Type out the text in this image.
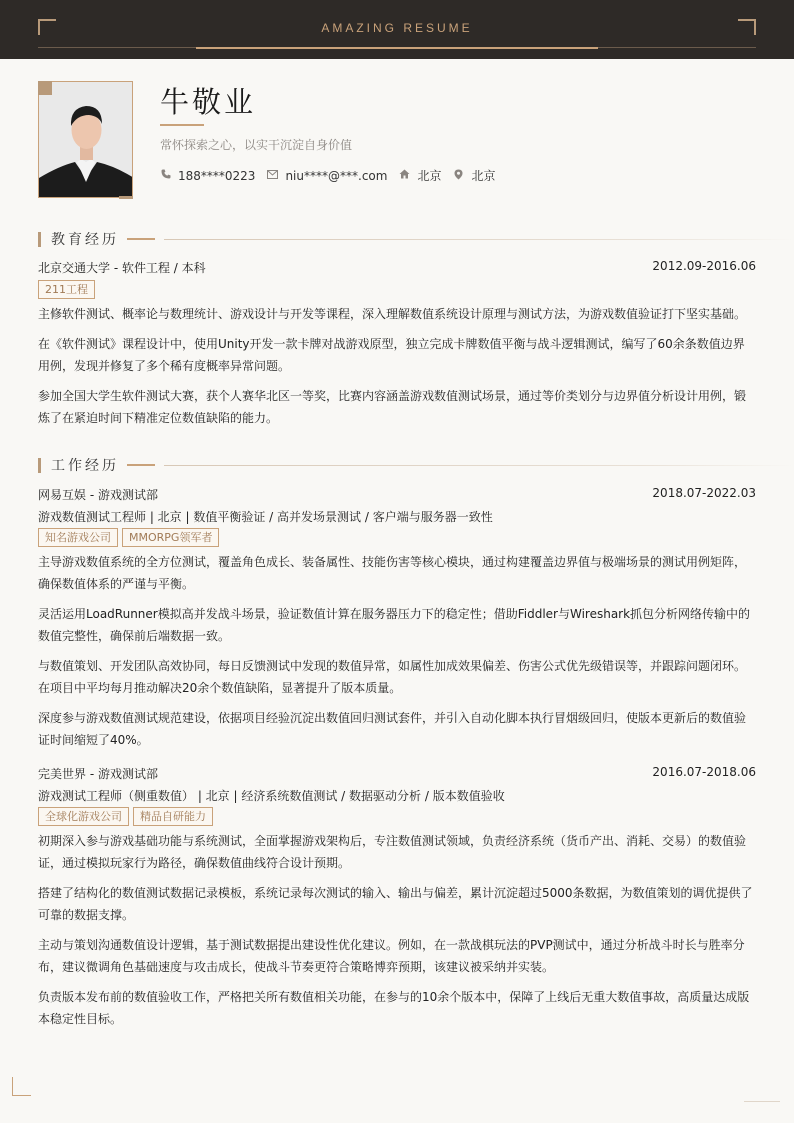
AMAZING RESUME
牛敬业
常怀探索之心，以实干沉淀自身价值
188****0223	niu****@***.com	北京	北京
教育经历
北京交通大学 - 软件工程 / 本科	2012.09-2016.06
211工程
主修软件测试、概率论与数理统计、游戏设计与开发等课程，深入理解数值系统设计原理与测试方法，为游戏数值验证打下坚实基础。
在《软件测试》课程设计中，使用Unity开发一款卡牌对战游戏原型，独立完成卡牌数值平衡与战斗逻辑测试，编写了60余条数值边界用例，发现并修复了多个稀有度概率异常问题。
参加全国大学生软件测试大赛，获个人赛华北区一等奖，比赛内容涵盖游戏数值测试场景，通过等价类划分与边界值分析设计用例，锻炼了在紧迫时间下精准定位数值缺陷的能力。
工作经历
网易互娱 - 游戏测试部	2018.07-2022.03
游戏数值测试工程师 | 北京 | 数值平衡验证 / 高并发场景测试 / 客户端与服务器一致性
知名游戏公司	MMORPG领军者
主导游戏数值系统的全方位测试，覆盖角色成长、装备属性、技能伤害等核心模块，通过构建覆盖边界值与极端场景的测试用例矩阵，确保数值体系的严谨与平衡。
灵活运用LoadRunner模拟高并发战斗场景，验证数值计算在服务器压力下的稳定性；借助Fiddler与Wireshark抓包分析网络传输中的数值完整性，确保前后端数据一致。
与数值策划、开发团队高效协同，每日反馈测试中发现的数值异常，如属性加成效果偏差、伤害公式优先级错误等，并跟踪问题闭环。在项目中平均每月推动解决20余个数值缺陷，显著提升了版本质量。
深度参与游戏数值测试规范建设，依据项目经验沉淀出数值回归测试套件，并引入自动化脚本执行冒烟级回归，使版本更新后的数值验证时间缩短了40%。
完美世界 - 游戏测试部	2016.07-2018.06
游戏测试工程师（侧重数值） | 北京 | 经济系统数值测试 / 数据驱动分析 / 版本数值验收
全球化游戏公司	精品自研能力
初期深入参与游戏基础功能与系统测试，全面掌握游戏架构后，专注数值测试领域，负责经济系统（货币产出、消耗、交易）的数值验证，通过模拟玩家行为路径，确保数值曲线符合设计预期。
搭建了结构化的数值测试数据记录模板，系统记录每次测试的输入、输出与偏差，累计沉淀超过5000条数据，为数值策划的调优提供了可靠的数据支撑。
主动与策划沟通数值设计逻辑，基于测试数据提出建设性优化建议。例如，在一款战棋玩法的PVP测试中，通过分析战斗时长与胜率分布，建议微调角色基础速度与攻击成长，使战斗节奏更符合策略博弈预期，该建议被采纳并实装。
负责版本发布前的数值验收工作，严格把关所有数值相关功能，在参与的10余个版本中，保障了上线后无重大数值事故，高质量达成版本稳定性目标。
